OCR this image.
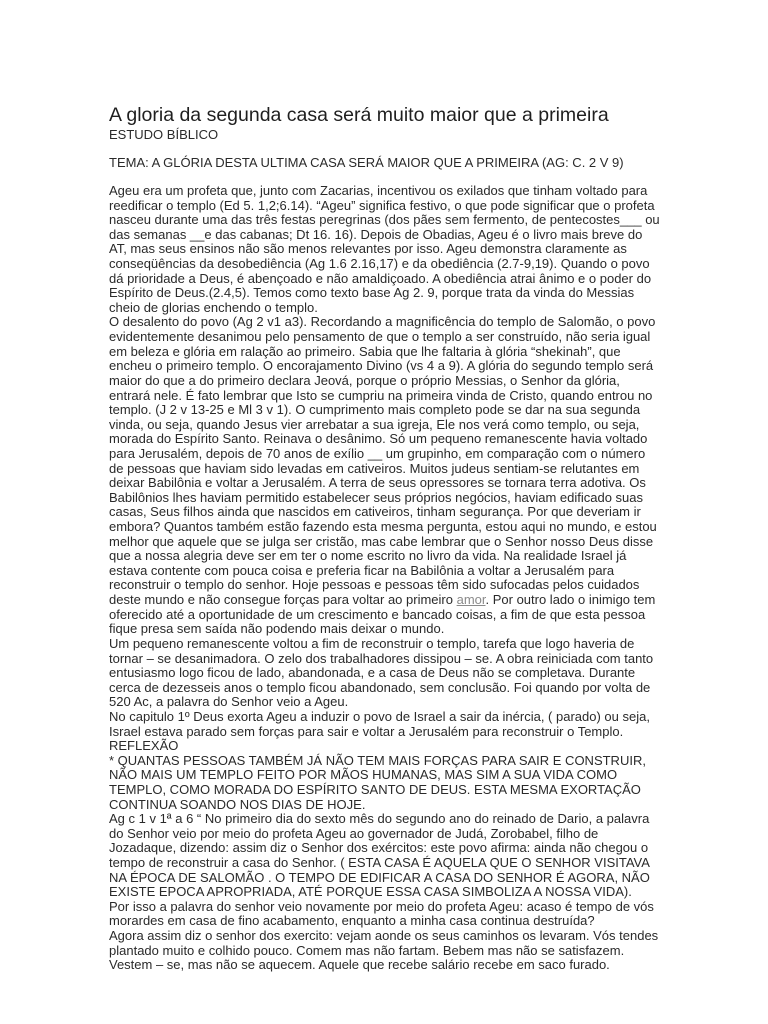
A gloria da segunda casa será muito maior que a primeira

ESTUDO BÍBLICO

TEMA: A GLÓRIA DESTA ULTIMA CASA SERÁ MAIOR QUE A PRIMEIRA (AG: C. 2 V 9)

Ageu era um profeta que, junto com Zacarias, incentivou os exilados que tinham voltado para
reedificar o templo (Ed 5. 1,2;6.14). “Ageu” significa festivo, o que pode significar que o profeta
nasceu durante uma das três festas peregrinas (dos pães sem fermento, de pentecostes___ ou
das semanas __e das cabanas; Dt 16. 16). Depois de Obadias, Ageu é o livro mais breve do
AT, mas seus ensinos não são menos relevantes por isso. Ageu demonstra claramente as
conseqüências da desobediência (Ag 1.6 2.16,17) e da obediência (2.7-9,19). Quando o povo
dá prioridade a Deus, é abençoado e não amaldiçoado. A obediência atrai ânimo e o poder do
Espírito de Deus.(2.4,5). Temos como texto base Ag 2. 9, porque trata da vinda do Messias
cheio de glorias enchendo o templo.
O desalento do povo (Ag 2 v1 a3). Recordando a magnificência do templo de Salomão, o povo
evidentemente desanimou pelo pensamento de que o templo a ser construído, não seria igual
em beleza e glória em ralação ao primeiro. Sabia que lhe faltaria à glória “shekinah”, que
encheu o primeiro templo. O encorajamento Divino (vs 4 a 9). A glória do segundo templo será
maior do que a do primeiro declara Jeová, porque o próprio Messias, o Senhor da glória,
entrará nele. É fato lembrar que Isto se cumpriu na primeira vinda de Cristo, quando entrou no
templo. (J 2 v 13-25 e Ml 3 v 1). O cumprimento mais completo pode se dar na sua segunda
vinda, ou seja, quando Jesus vier arrebatar a sua igreja, Ele nos verá como templo, ou seja,
morada do Espírito Santo. Reinava o desânimo. Só um pequeno remanescente havia voltado
para Jerusalém, depois de 70 anos de exílio __ um grupinho, em comparação com o número
de pessoas que haviam sido levadas em cativeiros. Muitos judeus sentiam-se relutantes em
deixar Babilônia e voltar a Jerusalém. A terra de seus opressores se tornara terra adotiva. Os
Babilônios lhes haviam permitido estabelecer seus próprios negócios, haviam edificado suas
casas, Seus filhos ainda que nascidos em cativeiros, tinham segurança. Por que deveriam ir
embora? Quantos também estão fazendo esta mesma pergunta, estou aqui no mundo, e estou
melhor que aquele que se julga ser cristão, mas cabe lembrar que o Senhor nosso Deus disse
que a nossa alegria deve ser em ter o nome escrito no livro da vida. Na realidade Israel já
estava contente com pouca coisa e preferia ficar na Babilônia a voltar a Jerusalém para
reconstruir o templo do senhor. Hoje pessoas e pessoas têm sido sufocadas pelos cuidados
deste mundo e não consegue forças para voltar ao primeiro amor. Por outro lado o inimigo tem
oferecido até a oportunidade de um crescimento e bancado coisas, a fim de que esta pessoa
fique presa sem saída não podendo mais deixar o mundo.
Um pequeno remanescente voltou a fim de reconstruir o templo, tarefa que logo haveria de
tornar – se desanimadora. O zelo dos trabalhadores dissipou – se. A obra reiniciada com tanto
entusiasmo logo ficou de lado, abandonada, e a casa de Deus não se completava. Durante
cerca de dezesseis anos o templo ficou abandonado, sem conclusão. Foi quando por volta de
520 Ac, a palavra do Senhor veio a Ageu.
No capitulo 1º Deus exorta Ageu a induzir o povo de Israel a sair da inércia, ( parado) ou seja,
Israel estava parado sem forças para sair e voltar a Jerusalém para reconstruir o Templo.
REFLEXÃO
* QUANTAS PESSOAS TAMBÉM JÁ NÃO TEM MAIS FORÇAS PARA SAIR E CONSTRUIR,
NÃO MAIS UM TEMPLO FEITO POR MÃOS HUMANAS, MAS SIM A SUA VIDA COMO
TEMPLO, COMO MORADA DO ESPÍRITO SANTO DE DEUS. ESTA MESMA EXORTAÇÃO
CONTINUA SOANDO NOS DIAS DE HOJE.
Ag c 1 v 1ª a 6 “ No primeiro dia do sexto mês do segundo ano do reinado de Dario, a palavra
do Senhor veio por meio do profeta Ageu ao governador de Judá, Zorobabel, filho de
Jozadaque, dizendo: assim diz o Senhor dos exércitos: este povo afirma: ainda não chegou o
tempo de reconstruir a casa do Senhor. ( ESTA CASA É AQUELA QUE O SENHOR VISITAVA
NA ÉPOCA DE SALOMÃO . O TEMPO DE EDIFICAR A CASA DO SENHOR É AGORA, NÃO
EXISTE EPOCA APROPRIADA, ATÉ PORQUE ESSA CASA SIMBOLIZA A NOSSA VIDA).
Por isso a palavra do senhor veio novamente por meio do profeta Ageu: acaso é tempo de vós
morardes em casa de fino acabamento, enquanto a minha casa continua destruída?
Agora assim diz o senhor dos exercito: vejam aonde os seus caminhos os levaram. Vós tendes
plantado muito e colhido pouco. Comem mas não fartam. Bebem mas não se satisfazem.
Vestem – se, mas não se aquecem. Aquele que recebe salário recebe em saco furado.
